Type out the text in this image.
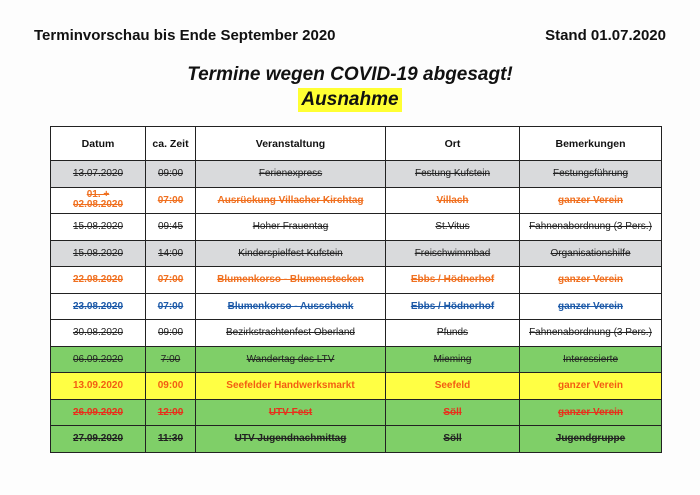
Terminvorschau bis Ende September 2020	Stand 01.07.2020
Termine wegen COVID-19 abgesagt!
Ausnahme
Datum	ca. Zeit	Veranstaltung	Ort	Bemerkungen
13.07.2020	09:00	Ferienexpress	Festung Kufstein	Festungsführung
01. +
02.08.2020	07:00	Ausrückung Villacher Kirchtag	Villach	ganzer Verein
15.08.2020	09:45	Hoher Frauentag	St.Vitus	Fahnenabordnung (3 Pers.)
15.08.2020	14:00	Kinderspielfest Kufstein	Freischwimmbad	Organisationshilfe
22.08.2020	07:00	Blumenkorso - Blumenstecken	Ebbs / Hödnerhof	ganzer Verein
23.08.2020	07:00	Blumenkorso - Ausschenk	Ebbs / Hödnerhof	ganzer Verein
30.08.2020	09:00	Bezirkstrachtenfest Oberland	Pfunds	Fahnenabordnung (3 Pers.)
06.09.2020	7:00	Wandertag des LTV	Mieming	Interessierte
13.09.2020	09:00	Seefelder Handwerksmarkt	Seefeld	ganzer Verein
26.09.2020	12:00	UTV Fest	Söll	ganzer Verein
27.09.2020	11:30	UTV Jugendnachmittag	Söll	Jugendgruppe
